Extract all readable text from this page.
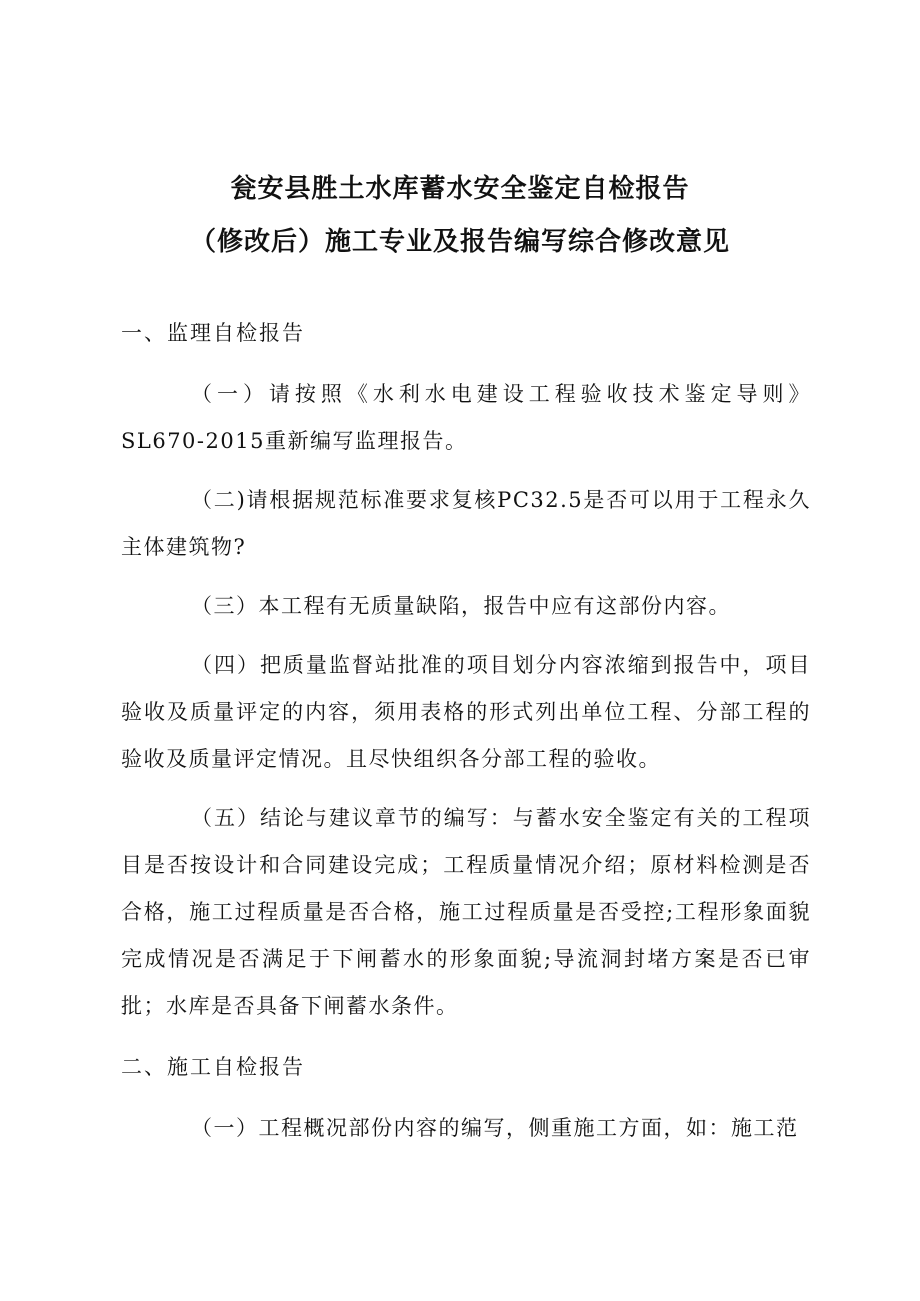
瓮安县胜土水库蓄水安全鉴定自检报告
（修改后）施工专业及报告编写综合修改意见
一、监理自检报告

（一）请按照《水利水电建设工程验收技术鉴定导则》SL670-2015重新编写监理报告。

（二)请根据规范标准要求复核PC32.5是否可以用于工程永久主体建筑物?

（三）本工程有无质量缺陷，报告中应有这部份内容。

（四）把质量监督站批准的项目划分内容浓缩到报告中，项目验收及质量评定的内容，须用表格的形式列出单位工程、分部工程的验收及质量评定情况。且尽快组织各分部工程的验收。

（五）结论与建议章节的编写：与蓄水安全鉴定有关的工程项目是否按设计和合同建设完成；工程质量情况介绍；原材料检测是否合格，施工过程质量是否合格，施工过程质量是否受控;工程形象面貌完成情况是否满足于下闸蓄水的形象面貌;导流洞封堵方案是否已审批；水库是否具备下闸蓄水条件。

二、施工自检报告

（一）工程概况部份内容的编写，侧重施工方面，如：施工范
